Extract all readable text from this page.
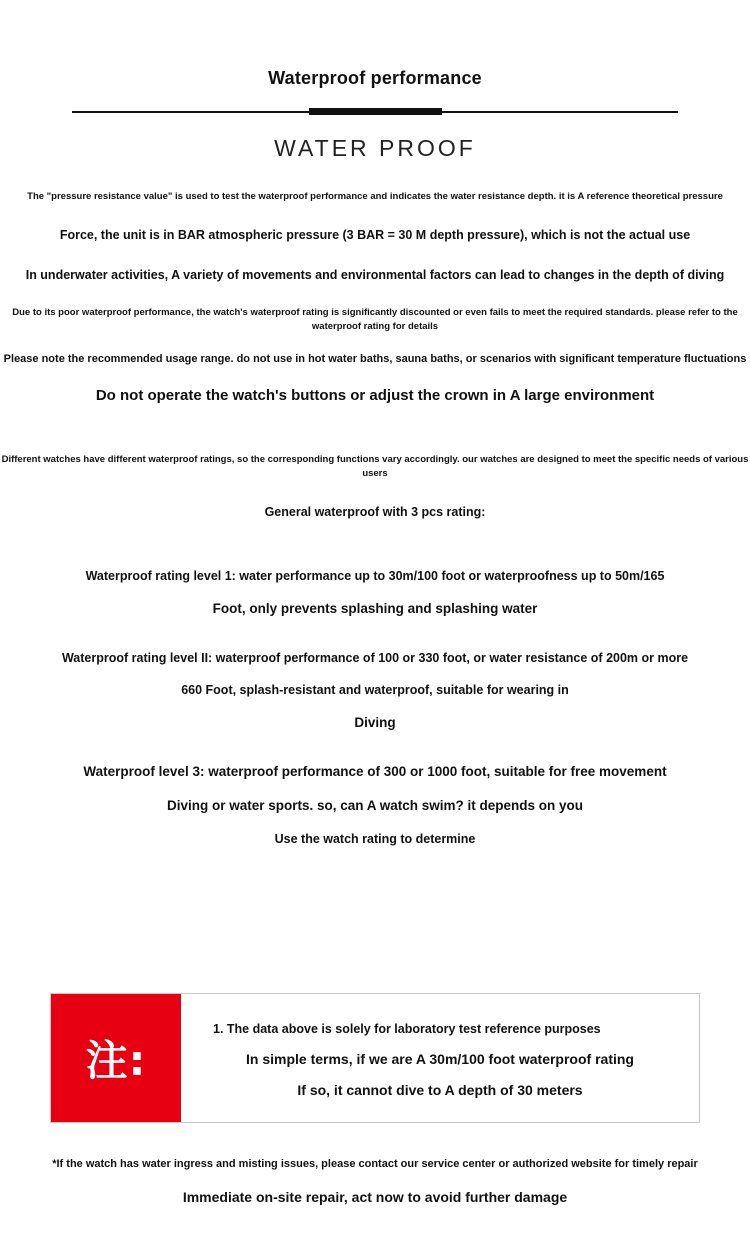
Waterproof performance
WATER PROOF
The "pressure resistance value" is used to test the waterproof performance and indicates the water resistance depth. it is A reference theoretical pressure
Force, the unit is in BAR atmospheric pressure (3 BAR = 30 M depth pressure), which is not the actual use
In underwater activities, A variety of movements and environmental factors can lead to changes in the depth of diving
Due to its poor waterproof performance, the watch's waterproof rating is significantly discounted or even fails to meet the required standards. please refer to the waterproof rating for details
Please note the recommended usage range. do not use in hot water baths, sauna baths, or scenarios with significant temperature fluctuations
Do not operate the watch's buttons or adjust the crown in A large environment
Different watches have different waterproof ratings, so the corresponding functions vary accordingly. our watches are designed to meet the specific needs of various users
General waterproof with 3 pcs rating:
Waterproof rating level 1: water performance up to 30m/100 foot or waterproofness up to 50m/165
Foot, only prevents splashing and splashing water
Waterproof rating level II: waterproof performance of 100 or 330 foot, or water resistance of 200m or more
660 Foot, splash-resistant and waterproof, suitable for wearing in
Diving
Waterproof level 3: waterproof performance of 300 or 1000 foot, suitable for free movement
Diving or water sports. so, can A watch swim? it depends on you
Use the watch rating to determine
注:
1. The data above is solely for laboratory test reference purposes
In simple terms, if we are A 30m/100 foot waterproof rating
If so, it cannot dive to A depth of 30 meters
*If the watch has water ingress and misting issues, please contact our service center or authorized website for timely repair
Immediate on-site repair, act now to avoid further damage
